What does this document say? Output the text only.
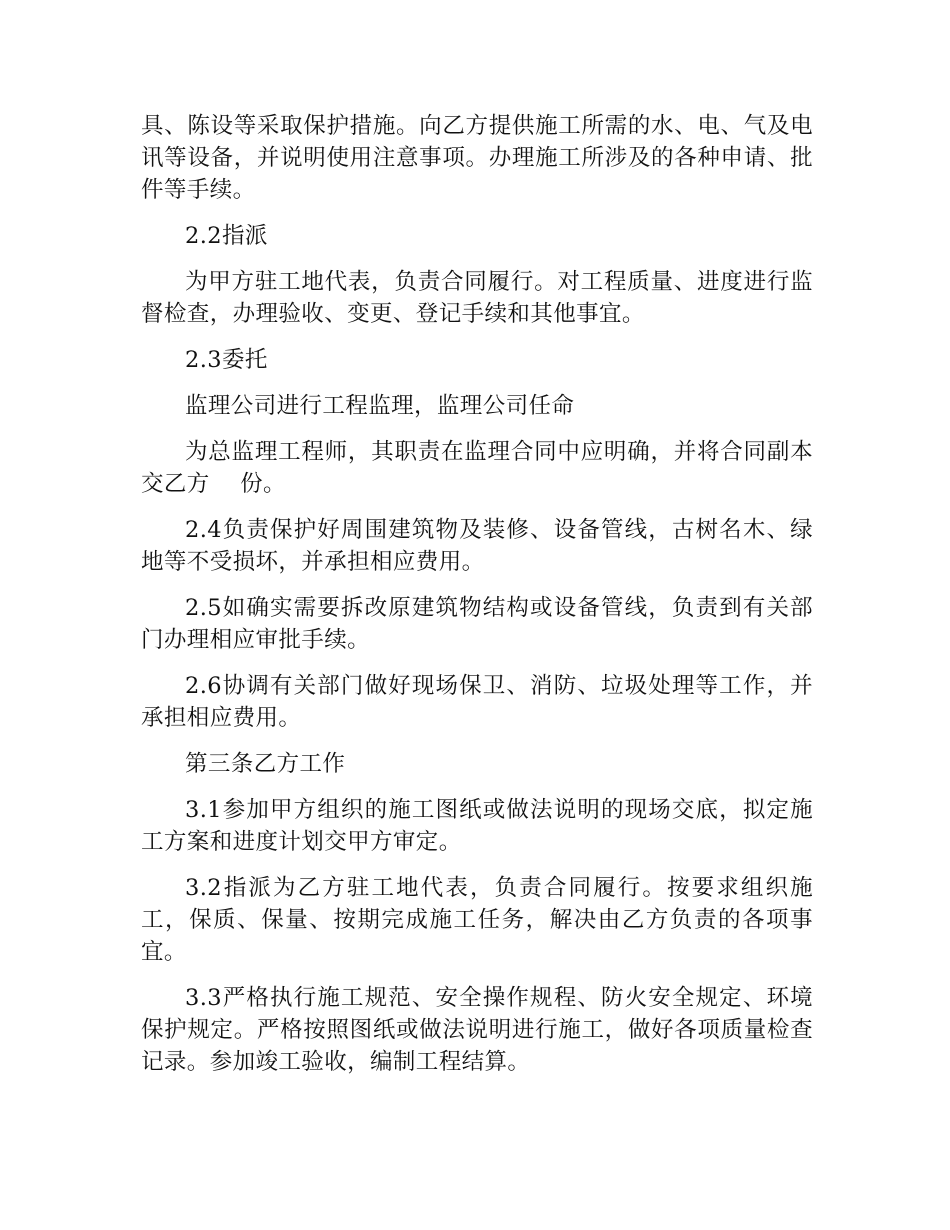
具、陈设等采取保护措施。向乙方提供施工所需的水、电、气及电讯等设备，并说明使用注意事项。办理施工所涉及的各种申请、批件等手续。

2.2指派

为甲方驻工地代表，负责合同履行。对工程质量、进度进行监督检查，办理验收、变更、登记手续和其他事宜。

2.3委托

监理公司进行工程监理，监理公司任命

为总监理工程师，其职责在监理合同中应明确，并将合同副本交乙方　 份。

2.4负责保护好周围建筑物及装修、设备管线，古树名木、绿地等不受损坏，并承担相应费用。

2.5如确实需要拆改原建筑物结构或设备管线，负责到有关部门办理相应审批手续。

2.6协调有关部门做好现场保卫、消防、垃圾处理等工作，并承担相应费用。

第三条乙方工作

3.1参加甲方组织的施工图纸或做法说明的现场交底，拟定施工方案和进度计划交甲方审定。

3.2指派为乙方驻工地代表，负责合同履行。按要求组织施工，保质、保量、按期完成施工任务，解决由乙方负责的各项事宜。

3.3严格执行施工规范、安全操作规程、防火安全规定、环境保护规定。严格按照图纸或做法说明进行施工，做好各项质量检查记录。参加竣工验收，编制工程结算。
